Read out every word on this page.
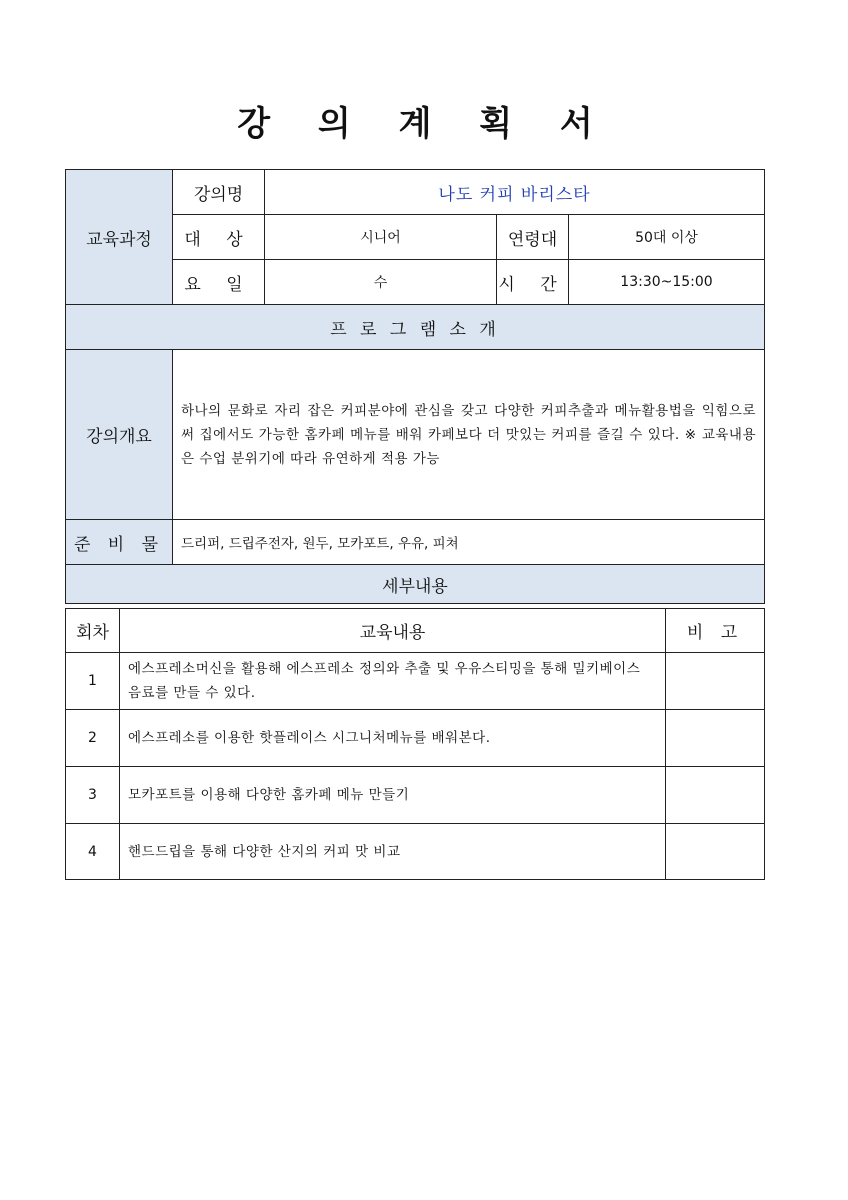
강 의 계 획 서
교육과정	강의명	나도 커피 바리스타		
	대 상	시니어	연령대	50대 이상
	요 일	수	시 간	13:30~15:00
프 로 그 램 소 개				
강의개요	하나의 문화로 자리 잡은 커피분야에 관심을 갖고 다양한 커피추출과 메뉴활용법을 익힘으로써 집에서도 가능한 홈카페 메뉴를 배워 카페보다 더 맛있는 커피를 즐길 수 있다. ※ 교육내용은 수업 분위기에 따라 유연하게 적용 가능			
준 비 물	드리퍼, 드립주전자, 원두, 모카포트, 우유, 피쳐			
세부내용				
회차	교육내용	비 고
1	에스프레소머신을 활용해 에스프레소 정의와 추출 및 우유스티밍을 통해 밀키베이스 음료를 만들 수 있다.	
2	에스프레소를 이용한 핫플레이스 시그니처메뉴를 배워본다.	
3	모카포트를 이용해 다양한 홈카페 메뉴 만들기	
4	핸드드립을 통해 다양한 산지의 커피 맛 비교	
